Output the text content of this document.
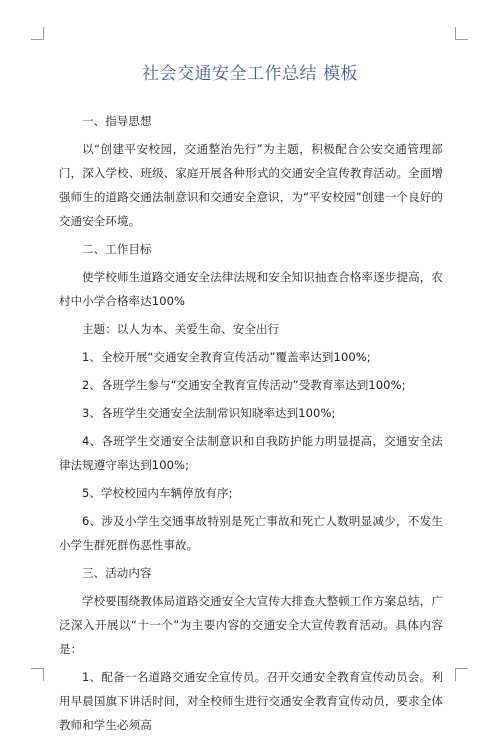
社会交通安全工作总结 模板

一、指导思想

以“创建平安校园，交通整治先行”为主题，积极配合公安交通管理部门，深入学校、班级、家庭开展各种形式的交通安全宣传教育活动。全面增强师生的道路交通法制意识和交通安全意识，为“平安校园”创建一个良好的交通安全环境。

二、工作目标

使学校师生道路交通安全法律法规和安全知识抽查合格率逐步提高，农村中小学合格率达100%

主题：以人为本、关爱生命、安全出行

1、全校开展“交通安全教育宣传活动”覆盖率达到100%;

2、各班学生参与“交通安全教育宣传活动”受教育率达到100%;

3、各班学生交通安全法制常识知晓率达到100%;

4、各班学生交通安全法制意识和自我防护能力明显提高，交通安全法律法规遵守率达到100%;

5、学校校园内车辆停放有序;

6、涉及小学生交通事故特别是死亡事故和死亡人数明显减少，不发生小学生群死群伤恶性事故。

三、活动内容

学校要围绕教体局道路交通安全大宣传大排查大整顿工作方案总结，广泛深入开展以“十一个”为主要内容的交通安全大宣传教育活动。具体内容是：

1、配备一名道路交通安全宣传员。召开交通安全教育宣传动员会。利用早晨国旗下讲话时间，对全校师生进行交通安全教育宣传动员，要求全体教师和学生必须高
